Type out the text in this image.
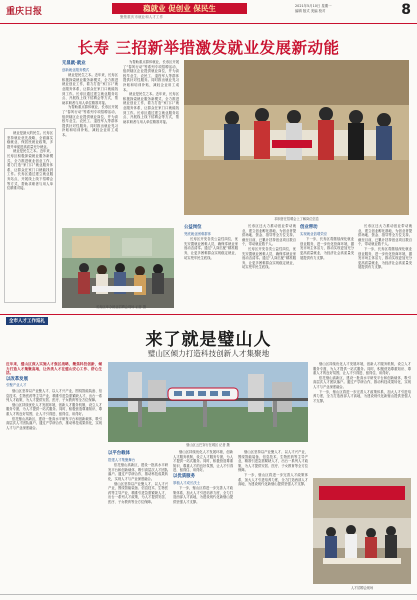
重庆日报	稳就业 促创业 保民生
聚焦重庆市就业和人才工作
2021年5月10日 星期一
编辑 版式 美编 校对	8
长寿 三招新举措激发就业发展新动能

就业是最大的民生。长寿区坚持就业优先战略，全面落实稳就业、保居民就业政策，多措并举促进高质量充分就业。

就业是民生之本。近年来，长寿区积极探索就业服务新模式，全力推进就业创业工作，着力打造“家门口”就业服务体系，让群众在家门口就能找到工作。长寿区通过建立就业服务站点、开展线上线下招聘会等方式，帮助求职者与用人单位精准对接。

无显就·就业

创新就业服务模式

就业是民生之本。近年来，长寿区积极探索就业服务新模式，全力推进就业创业工作，着力打造“家门口”就业服务体系，让群众在家门口就能找到工作。长寿区通过建立就业服务站点、开展线上线下招聘会等方式，帮助求职者与用人单位精准对接。

为帮助重点群体就业，长寿区开展了“春风行动”等系列专项招聘活动，组织辖区企业提供就业岗位，并为高校毕业生、农民工、退役军人等群体提供针对性服务。同时推出就业见习补贴和培训补贴，减轻企业用工成本。

长寿区举办就业招聘会现场 记者 摄

为帮助重点群体就业，长寿区开展了“春风行动”等系列专项招聘活动，组织辖区企业提供就业岗位，并为高校毕业生、农民工、退役军人等群体提供针对性服务。同时推出就业见习补贴和培训补贴，减轻企业用工成本。

就业是民生之本。近年来，长寿区积极探索就业服务新模式，全力推进就业创业工作，着力打造“家门口”就业服务体系，让群众在家门口就能找到工作。长寿区通过建立就业服务站点、开展线上线下招聘会等方式，帮助求职者与用人单位精准对接。

求职者在招聘会上了解岗位信息

公益岗位

兜底就业困难群体

长寿区开发各类公益性岗位，优先安置就业困难人员，确保零就业家庭动态清零。通过“人岗匹配”精准服务，让更多困难群众实现稳定就业，切实兜牢民生底线。

长寿区还大力推动创业带动就业，建立创业孵化基地，为创业者提供场地、资金、指导等全方位支持。截至目前，已累计扶持创业项目数百个，带动就业数千人。

长寿区开发各类公益性岗位，优先安置就业困难人员，确保零就业家庭动态清零。通过“人岗匹配”精准服务，让更多困难群众实现稳定就业，切实兜牢民生底线。

创业带动

实现就业倍增效应

下一步，长寿区将继续深化就业创业服务，进一步优化营商环境，激发市场主体活力，推动实现更加充分更高质量就业，为经济社会高质量发展提供有力支撑。

长寿区还大力推动创业带动就业，建立创业孵化基地，为创业者提供场地、资金、指导等全方位支持。截至目前，已累计扶持创业项目数百个，带动就业数千人。

下一步，长寿区将继续深化就业创业服务，进一步优化营商环境，激发市场主体活力，推动实现更加充分更高质量就业，为经济社会高质量发展提供有力支撑。

全市人才工作巡礼
来了就是璧山人
璧山区倾力打造科技创新人才集聚地

近年来，璧山区深入实施人才强区战略，聚焦科技创新，倾力打造人才集聚高地，让各类人才在璧山安心工作、舒心生活。

以改革发展

引聚产业人才

璧山区坚持以产业聚人才、以人才兴产业，围绕智能装备、信息技术、生物医药等主导产业，精准引进急需紧缺人才，出台一系列人才政策，为人才提供安居、医疗、子女教育等全方位保障。

璧山区持续优化人才发展环境，创新人才服务机制，设立人才服务专窗，为人才提供一站式服务。同时，积极营造尊重知识、尊重人才的良好氛围，让人才引得进、留得住、用得好。

依托璧山高新区，建设一批高水平研发平台和创新载体，吸引高层次人才团队落户。通过产学研合作，推动科技成果转化，实现人才与产业深度融合。

璧山区云巴穿行在城区 记者 摄

以平台载体

搭建人才集聚舞台

依托璧山高新区，建设一批高水平研发平台和创新载体，吸引高层次人才团队落户。通过产学研合作，推动科技成果转化，实现人才与产业深度融合。

璧山区坚持以产业聚人才、以人才兴产业，围绕智能装备、信息技术、生物医药等主导产业，精准引进急需紧缺人才，出台一系列人才政策，为人才提供安居、医疗、子女教育等全方位保障。

璧山区持续优化人才发展环境，创新人才服务机制，设立人才服务专窗，为人才提供一站式服务。同时，积极营造尊重知识、尊重人才的良好氛围，让人才引得进、留得住、用得好。

以优质服务

厚植人才成长沃土

下一步，璧山区将进一步完善人才政策体系，加大人才引进培养力度，全力打造西部人才高地，为建设现代化新璧山提供坚强人才支撑。

璧山区坚持以产业聚人才、以人才兴产业，围绕智能装备、信息技术、生物医药等主导产业，精准引进急需紧缺人才，出台一系列人才政策，为人才提供安居、医疗、子女教育等全方位保障。

下一步，璧山区将进一步完善人才政策体系，加大人才引进培养力度，全力打造西部人才高地，为建设现代化新璧山提供坚强人才支撑。

璧山区持续优化人才发展环境，创新人才服务机制，设立人才服务专窗，为人才提供一站式服务。同时，积极营造尊重知识、尊重人才的良好氛围，让人才引得进、留得住、用得好。

依托璧山高新区，建设一批高水平研发平台和创新载体，吸引高层次人才团队落户。通过产学研合作，推动科技成果转化，实现人才与产业深度融合。

下一步，璧山区将进一步完善人才政策体系，加大人才引进培养力度，全力打造西部人才高地，为建设现代化新璧山提供坚强人才支撑。

人才招聘会现场
